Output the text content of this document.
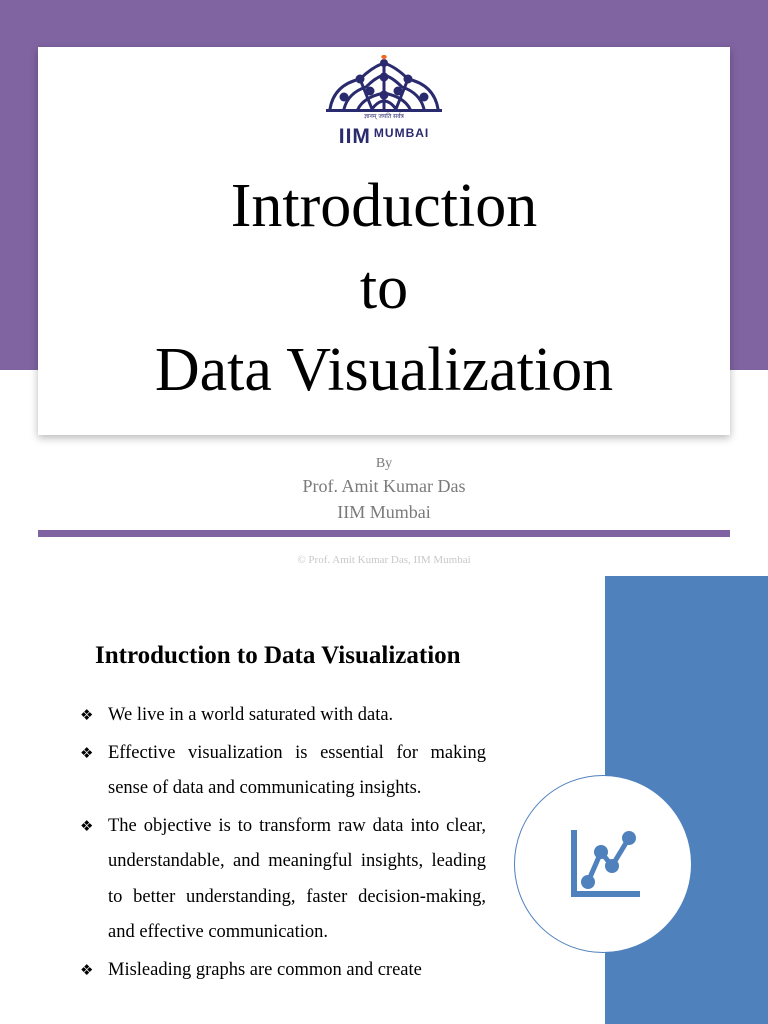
ज्ञानम् जयति सर्वत्र
IIM MUMBAI
Introduction
to
Data Visualization
By
Prof. Amit Kumar Das
IIM Mumbai
© Prof. Amit Kumar Das, IIM Mumbai
Introduction to Data Visualization
❖ We live in a world saturated with data.
❖ Effective visualization is essential for making sense of data and communicating insights.
❖ The objective is to transform raw data into clear, understandable, and meaningful insights, leading to better understanding, faster decision-making, and effective communication.
❖ Misleading graphs are common and create
